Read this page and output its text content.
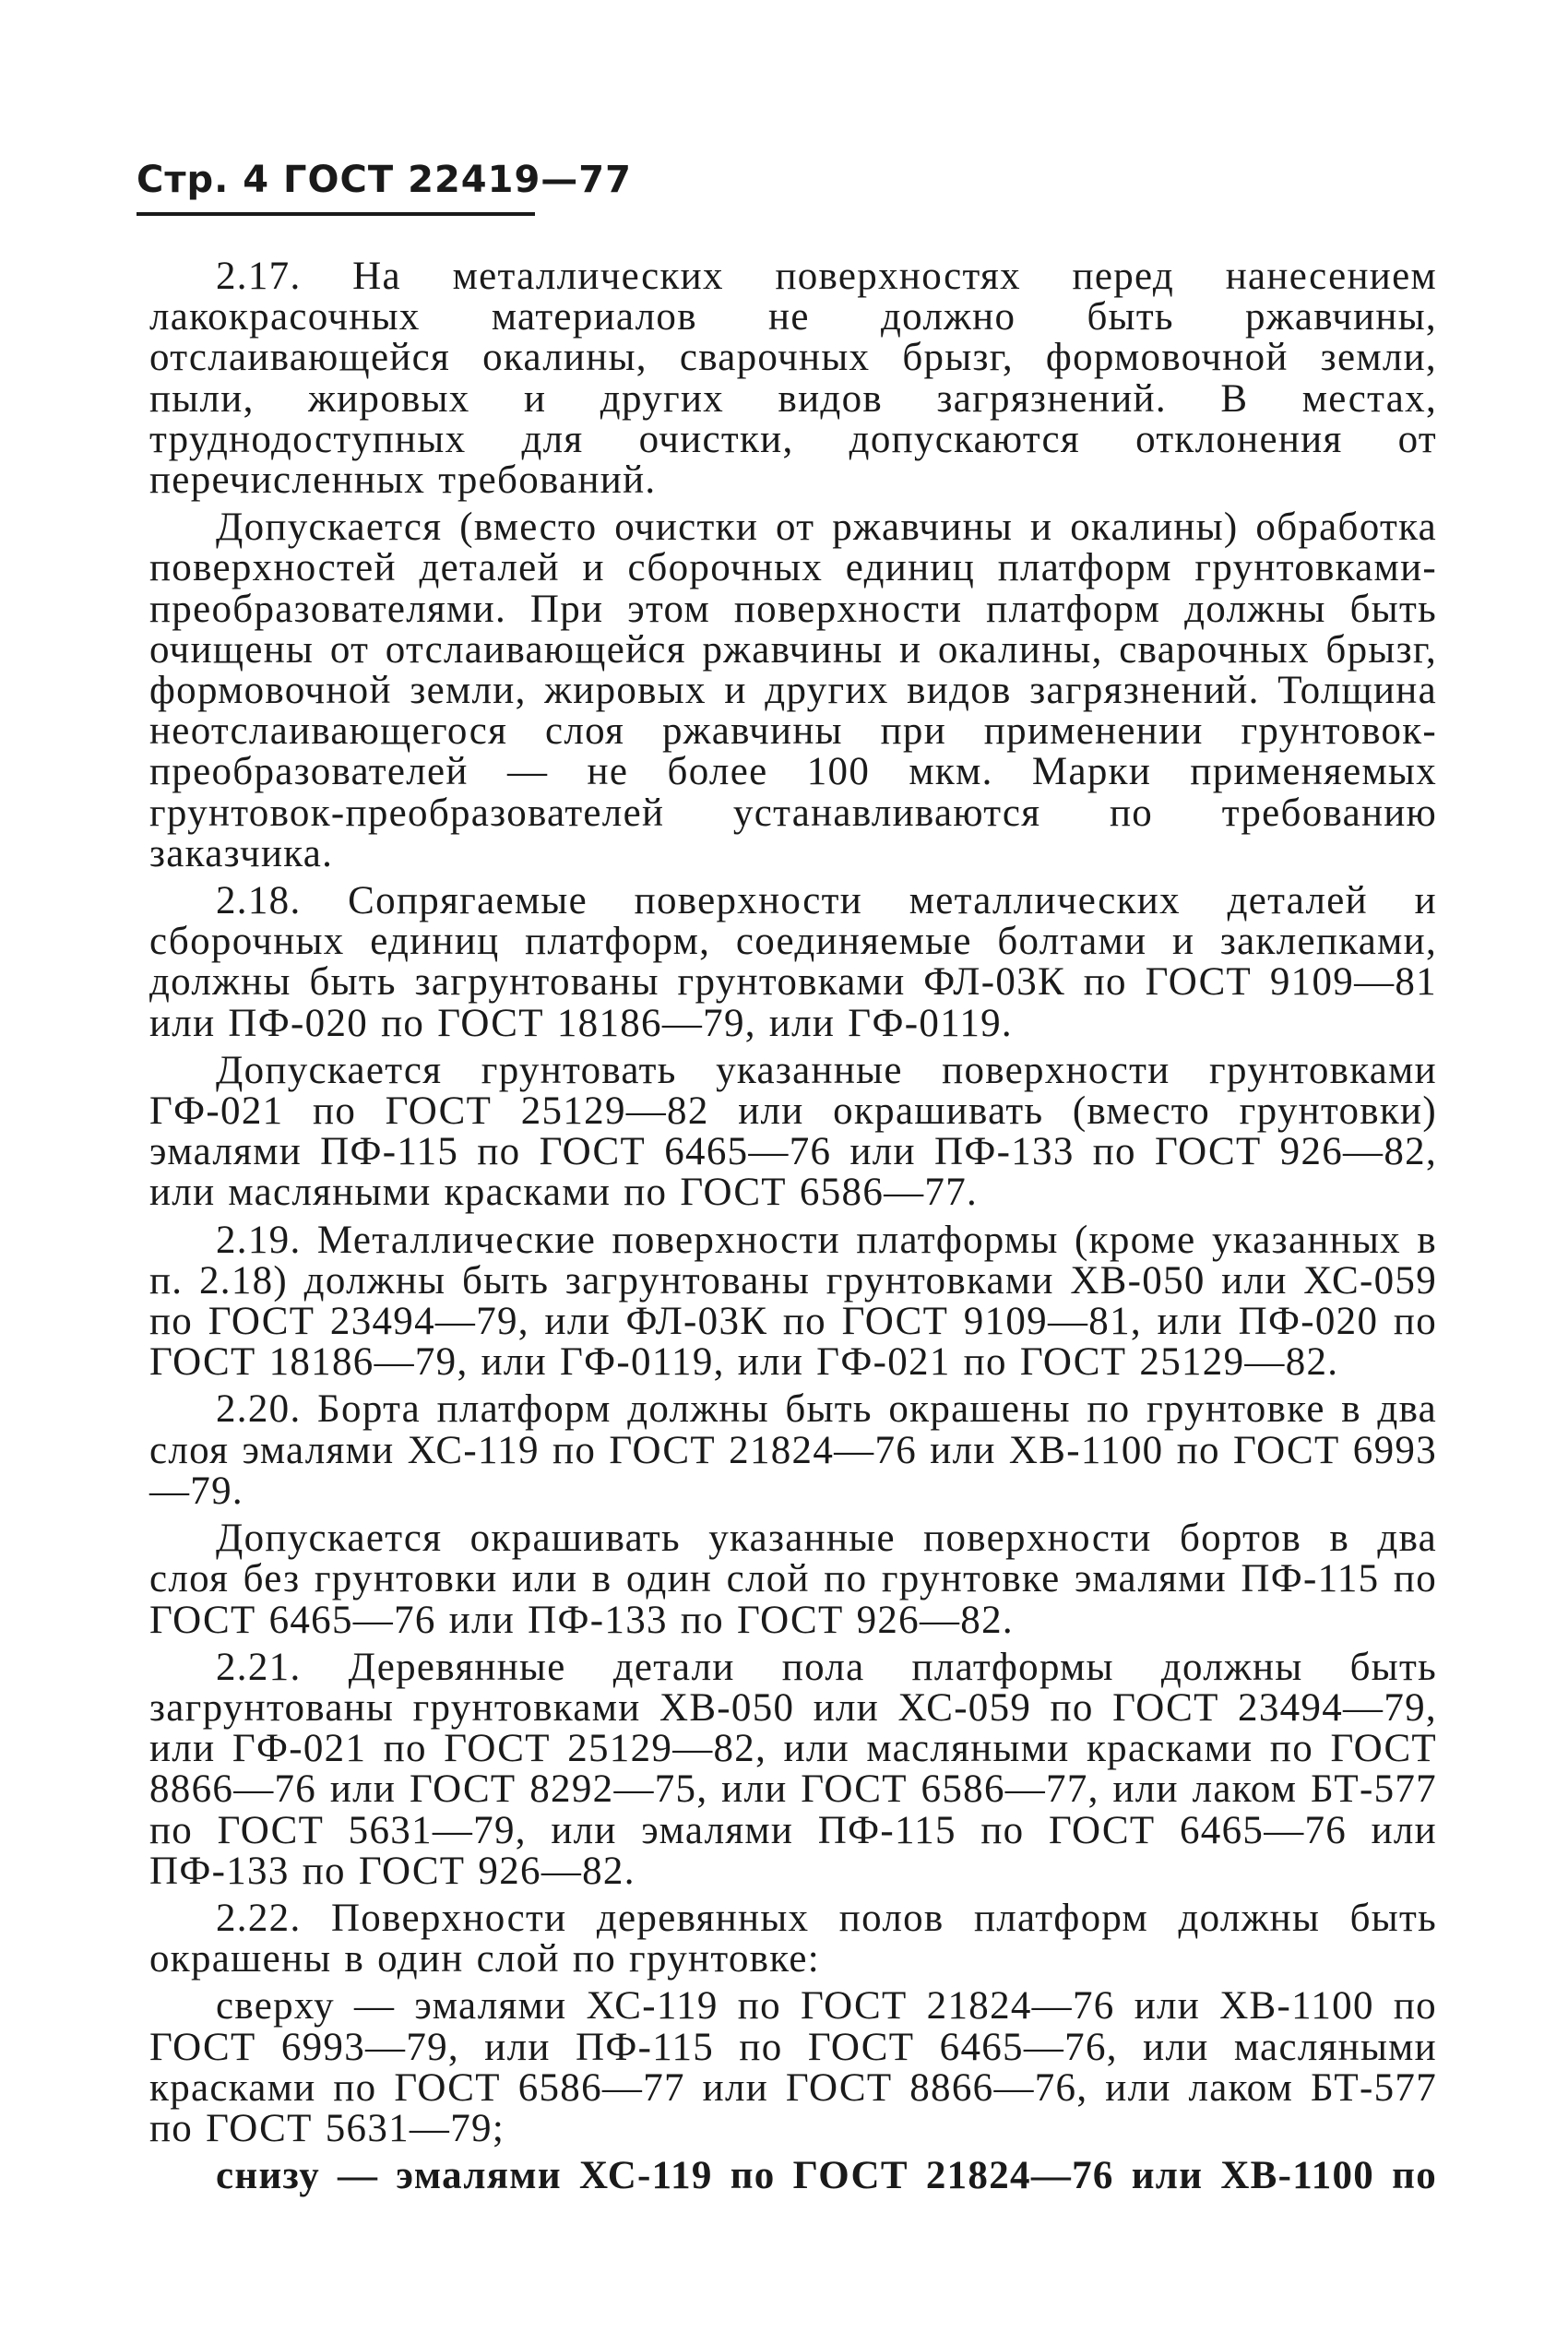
Стр. 4 ГОСТ 22419—77

2.17. На металлических поверхностях перед нанесением лакокрасочных материалов не должно быть ржавчины, отслаивающейся окалины, сварочных брызг, формовочной земли, пыли, жировых и других видов загрязнений. В местах, труднодоступных для очистки, допускаются отклонения от перечисленных требований.

Допускается (вместо очистки от ржавчины и окалины) обработка поверхностей деталей и сборочных единиц платформ грунтовками-преобразователями. При этом поверхности платформ должны быть очищены от отслаивающейся ржавчины и окалины, сварочных брызг, формовочной земли, жировых и других видов загрязнений. Толщина неотслаивающегося слоя ржавчины при применении грунтовок-преобразователей — не более 100 мкм. Марки применяемых грунтовок-преобразователей устанавливаются по требованию заказчика.

2.18. Сопрягаемые поверхности металлических деталей и сборочных единиц платформ, соединяемые болтами и заклепками, должны быть загрунтованы грунтовками ФЛ-03К по ГОСТ 9109—81 или ПФ-020 по ГОСТ 18186—79, или ГФ-0119.

Допускается грунтовать указанные поверхности грунтовками ГФ-021 по ГОСТ 25129—82 или окрашивать (вместо грунтовки) эмалями ПФ-115 по ГОСТ 6465—76 или ПФ-133 по ГОСТ 926—82, или масляными красками по ГОСТ 6586—77.

2.19. Металлические поверхности платформы (кроме указанных в п. 2.18) должны быть загрунтованы грунтовками ХВ-050 или ХС-059 по ГОСТ 23494—79, или ФЛ-03К по ГОСТ 9109—81, или ПФ-020 по ГОСТ 18186—79, или ГФ-0119, или ГФ-021 по ГОСТ 25129—82.

2.20. Борта платформ должны быть окрашены по грунтовке в два слоя эмалями ХС-119 по ГОСТ 21824—76 или ХВ-1100 по ГОСТ 6993—79.

Допускается окрашивать указанные поверхности бортов в два слоя без грунтовки или в один слой по грунтовке эмалями ПФ-115 по ГОСТ 6465—76 или ПФ-133 по ГОСТ 926—82.

2.21. Деревянные детали пола платформы должны быть загрунтованы грунтовками ХВ-050 или ХС-059 по ГОСТ 23494—79, или ГФ-021 по ГОСТ 25129—82, или масляными красками по ГОСТ 8866—76 или ГОСТ 8292—75, или ГОСТ 6586—77, или лаком БТ-577 по ГОСТ 5631—79, или эмалями ПФ-115 по ГОСТ 6465—76 или ПФ-133 по ГОСТ 926—82.

2.22. Поверхности деревянных полов платформ должны быть окрашены в один слой по грунтовке:

сверху — эмалями ХС-119 по ГОСТ 21824—76 или ХВ-1100 по ГОСТ 6993—79, или ПФ-115 по ГОСТ 6465—76, или масляными красками по ГОСТ 6586—77 или ГОСТ 8866—76, или лаком БТ-577 по ГОСТ 5631—79;

снизу — эмалями ХС-119 по ГОСТ 21824—76 или ХВ-1100 по
